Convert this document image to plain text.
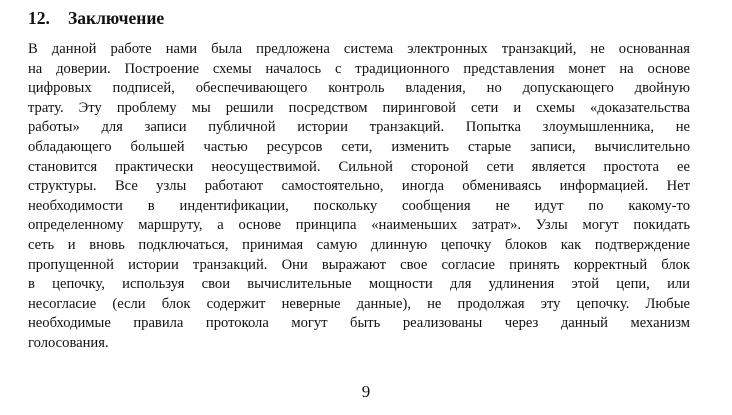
12. Заключение
В данной работе нами была предложена система электронных транзакций, не основанная
на доверии. Построение схемы началось с традиционного представления монет на основе
цифровых подписей, обеспечивающего контроль владения, но допускающего двойную
трату. Эту проблему мы решили посредством пиринговой сети и схемы «доказательства
работы» для записи публичной истории транзакций. Попытка злоумышленника, не
обладающего большей частью ресурсов сети, изменить старые записи, вычислительно
становится практически неосуществимой. Сильной стороной сети является простота ее
структуры. Все узлы работают самостоятельно, иногда обмениваясь информацией. Нет
необходимости в индентификации, поскольку сообщения не идут по какому-то
определенному маршруту, а основе принципа «наименьших затрат». Узлы могут покидать
сеть и вновь подключаться, принимая самую длинную цепочку блоков как подтверждение
пропущенной истории транзакций. Они выражают свое согласие принять корректный блок
в цепочку, используя свои вычислительные мощности для удлинения этой цепи, или
несогласие (если блок содержит неверные данные), не продолжая эту цепочку. Любые
необходимые правила протокола могут быть реализованы через данный механизм
голосования.
9
